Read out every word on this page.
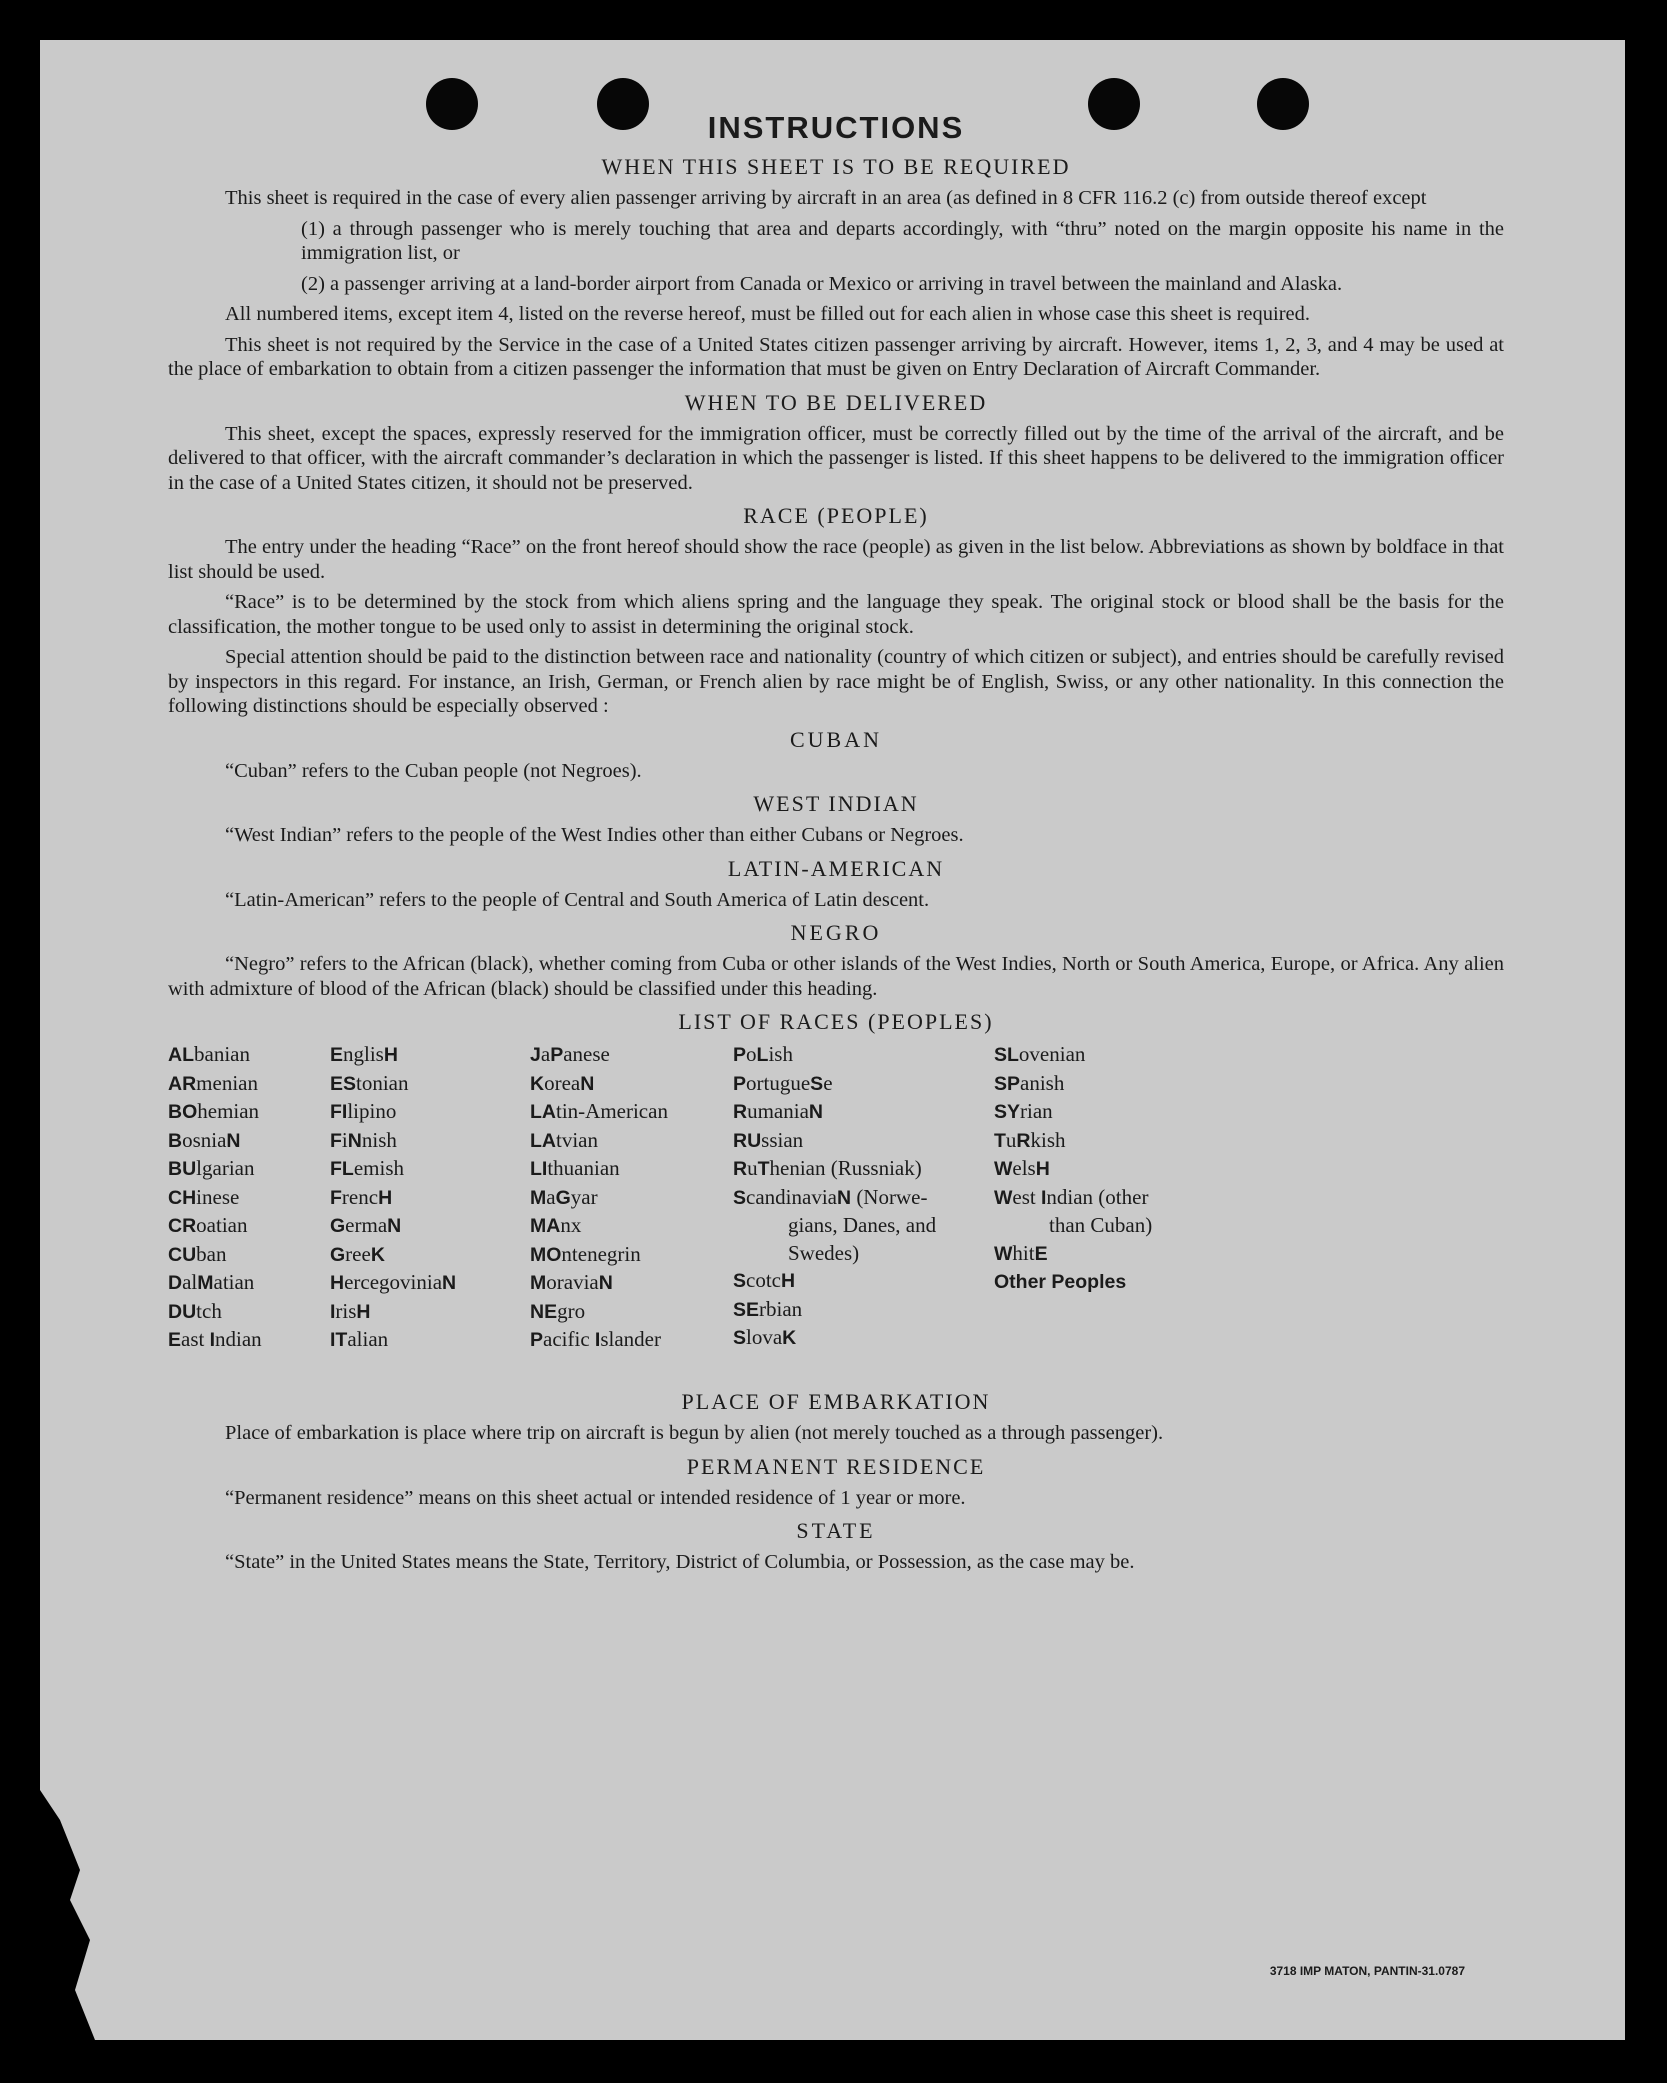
INSTRUCTIONS
WHEN THIS SHEET IS TO BE REQUIRED

This sheet is required in the case of every alien passenger arriving by aircraft in an area (as defined in 8 CFR 116.2 (c) from outside thereof except

(1) a through passenger who is merely touching that area and departs accordingly, with “thru” noted on the margin opposite his name in the immigration list, or
(2) a passenger arriving at a land-border airport from Canada or Mexico or arriving in travel between the mainland and Alaska.

All numbered items, except item 4, listed on the reverse hereof, must be filled out for each alien in whose case this sheet is required.

This sheet is not required by the Service in the case of a United States citizen passenger arriving by aircraft. However, items 1, 2, 3, and 4 may be used at the place of embarkation to obtain from a citizen passenger the information that must be given on Entry Declaration of Aircraft Commander.

WHEN TO BE DELIVERED

This sheet, except the spaces, expressly reserved for the immigration officer, must be correctly filled out by the time of the arrival of the aircraft, and be delivered to that officer, with the aircraft commander’s declaration in which the passenger is listed. If this sheet happens to be delivered to the immigration officer in the case of a United States citizen, it should not be preserved.

RACE (PEOPLE)

The entry under the heading “Race” on the front hereof should show the race (people) as given in the list below. Abbreviations as shown by boldface in that list should be used.

“Race” is to be determined by the stock from which aliens spring and the language they speak. The original stock or blood shall be the basis for the classification, the mother tongue to be used only to assist in determining the original stock.

Special attention should be paid to the distinction between race and nationality (country of which citizen or subject), and entries should be carefully revised by inspectors in this regard. For instance, an Irish, German, or French alien by race might be of English, Swiss, or any other nationality. In this connection the following distinctions should be especially observed :

CUBAN

“Cuban” refers to the Cuban people (not Negroes).

WEST INDIAN

“West Indian” refers to the people of the West Indies other than either Cubans or Negroes.

LATIN-AMERICAN

“Latin-American” refers to the people of Central and South America of Latin descent.

NEGRO

“Negro” refers to the African (black), whether coming from Cuba or other islands of the West Indies, North or South America, Europe, or Africa. Any alien with admixture of blood of the African (black) should be classified under this heading.

LIST OF RACES (PEOPLES)
ALbanian
ARmenian
BOhemian
BosniaN
BUlgarian
CHinese
CRoatian
CUban
DalMatian
DUtch
East Indian
EnglisH
EStonian
FIlipino
FiNnish
FLemish
FrencH
GermaN
GreeK
HercegoviniaN
IrisH
ITalian
JaPanese
KoreaN
LAtin-American
LAtvian
LIthuanian
MaGyar
MAnx
MOntenegrin
MoraviaN
NEgro
Pacific Islander
PoLish
PortugueSe
RumaniaN
RUssian
RuThenian (Russniak)
ScandinaviaN (Norwe-
gians, Danes, and
Swedes)
ScotcH
SErbian
SlovaK
SLovenian
SPanish
SYrian
TuRkish
WelsH
West Indian (other
than Cuban)
WhitE
Other Peoples
PLACE OF EMBARKATION

Place of embarkation is place where trip on aircraft is begun by alien (not merely touched as a through passenger).

PERMANENT RESIDENCE

“Permanent residence” means on this sheet actual or intended residence of 1 year or more.

STATE

“State” in the United States means the State, Territory, District of Columbia, or Possession, as the case may be.

3718 IMP MATON, PANTIN-31.0787
